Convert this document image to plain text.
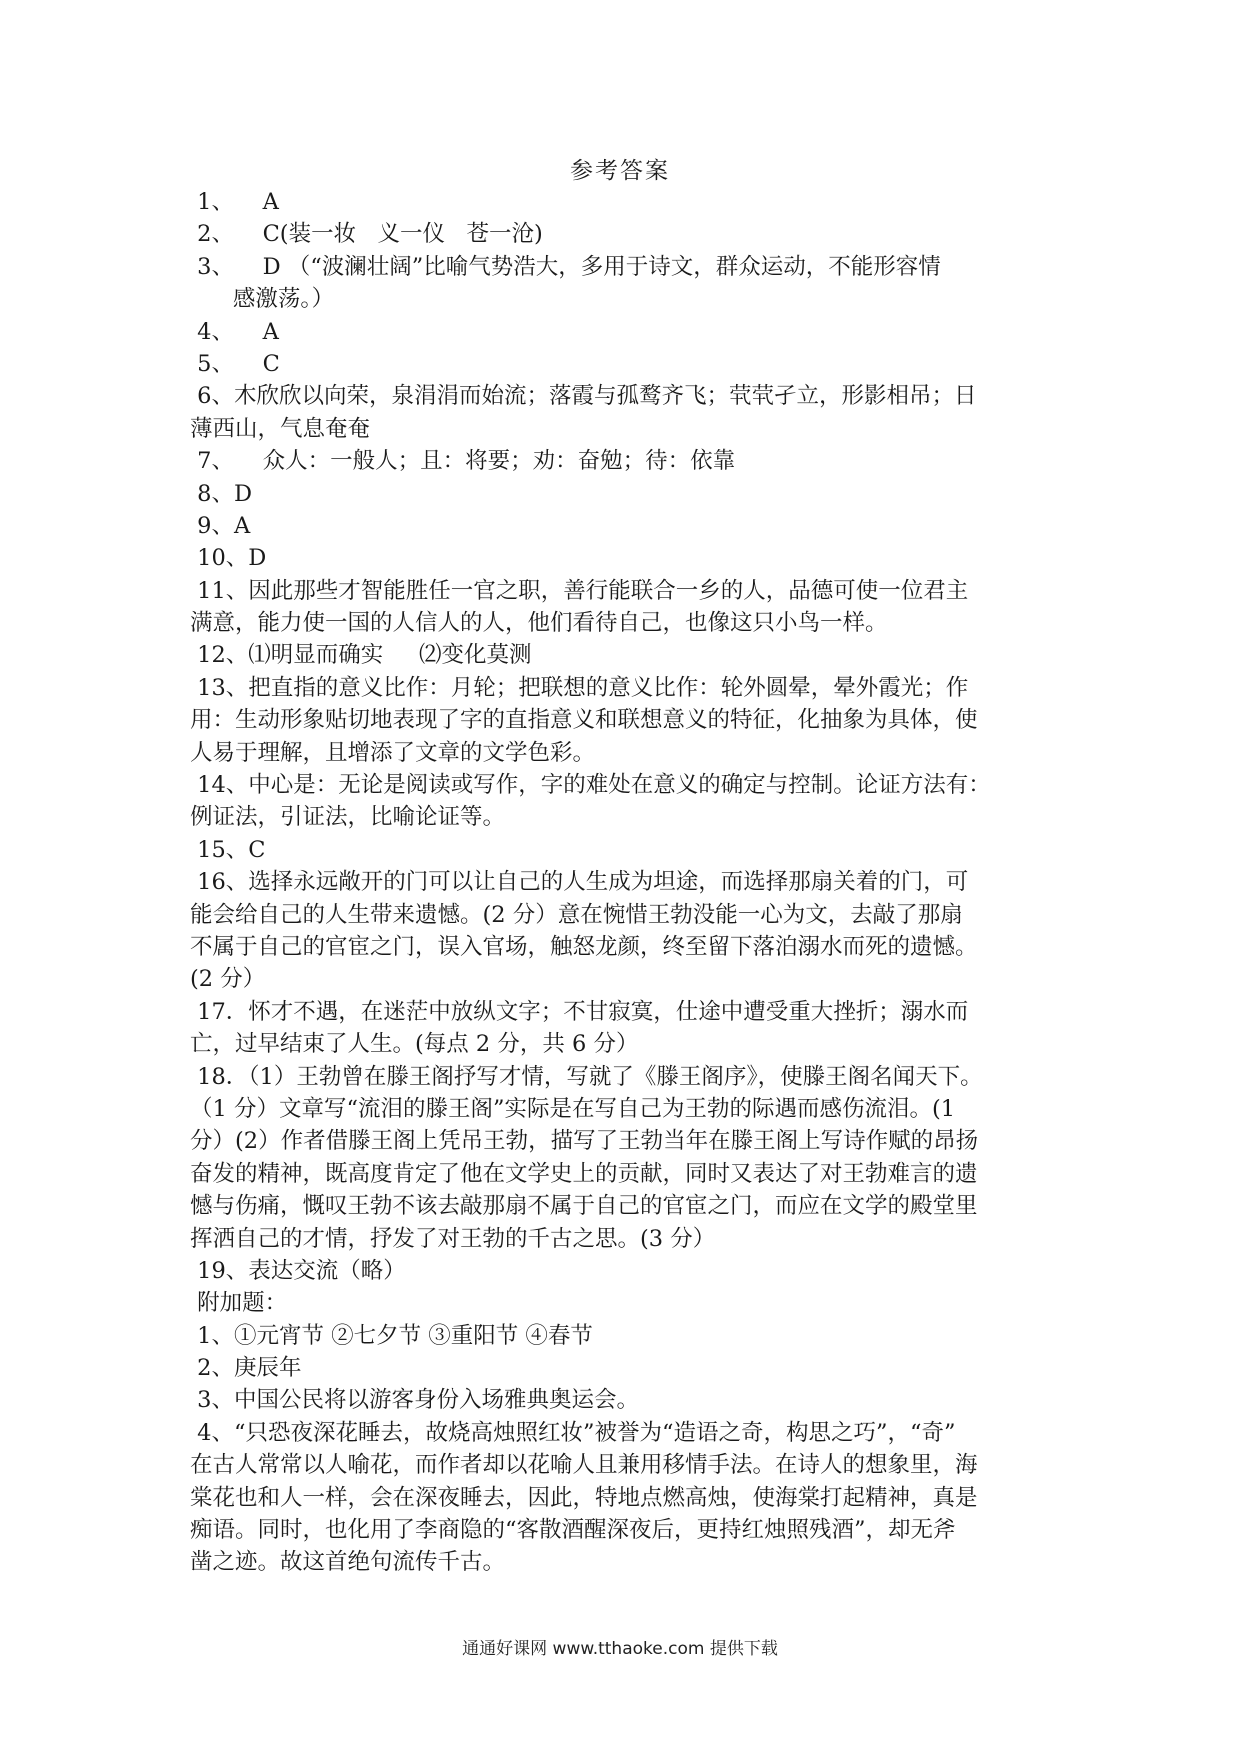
参考答案
1、    A
2、    C(装一妆   义一仪   苍一沧)
3、    D （“波澜壮阔”比喻气势浩大，多用于诗文，群众运动，不能形容情
感激荡。）
4、    A
5、    C
6、木欣欣以向荣，泉涓涓而始流；落霞与孤鹜齐飞；茕茕孑立，形影相吊；日
薄西山，气息奄奄
7、    众人：一般人；且：将要；劝：奋勉；待：依靠
8、D
9、A
10、D
11、因此那些才智能胜任一官之职，善行能联合一乡的人，品德可使一位君主
满意，能力使一国的人信人的人，他们看待自己，也像这只小鸟一样。
12、⑴明显而确实     ⑵变化莫测
13、把直指的意义比作：月轮；把联想的意义比作：轮外圆晕，晕外霞光；作
用：生动形象贴切地表现了字的直指意义和联想意义的特征，化抽象为具体，使
人易于理解，且增添了文章的文学色彩。
14、中心是：无论是阅读或写作，字的难处在意义的确定与控制。论证方法有：
例证法，引证法，比喻论证等。
15、C
16、选择永远敞开的门可以让自己的人生成为坦途，而选择那扇关着的门，可
能会给自己的人生带来遗憾。(2 分）意在惋惜王勃没能一心为文，去敲了那扇
不属于自己的官宦之门，误入官场，触怒龙颜，终至留下落泊溺水而死的遗憾。
(2 分）
17．怀才不遇，在迷茫中放纵文字；不甘寂寞，仕途中遭受重大挫折；溺水而
亡，过早结束了人生。(每点 2 分，共 6 分）
18．（1）王勃曾在滕王阁抒写才情，写就了《滕王阁序》，使滕王阁名闻天下。
（1 分）文章写“流泪的滕王阁”实际是在写自己为王勃的际遇而感伤流泪。(1
分）(2）作者借滕王阁上凭吊王勃，描写了王勃当年在滕王阁上写诗作赋的昂扬
奋发的精神，既高度肯定了他在文学史上的贡献，同时又表达了对王勃难言的遗
憾与伤痛，慨叹王勃不该去敲那扇不属于自己的官宦之门，而应在文学的殿堂里
挥洒自己的才情，抒发了对王勃的千古之思。(3 分）
19、表达交流（略）
附加题：
1、①元宵节 ②七夕节 ③重阳节 ④春节
2、庚辰年
3、中国公民将以游客身份入场雅典奥运会。
4、“只恐夜深花睡去，故烧高烛照红妆”被誉为“造语之奇，构思之巧”，“奇”
在古人常常以人喻花，而作者却以花喻人且兼用移情手法。在诗人的想象里，海
棠花也和人一样，会在深夜睡去，因此，特地点燃高烛，使海棠打起精神，真是
痴语。同时，也化用了李商隐的“客散酒醒深夜后，更持红烛照残酒”，却无斧
凿之迹。故这首绝句流传千古。
通通好课网 www.tthaoke.com 提供下载
